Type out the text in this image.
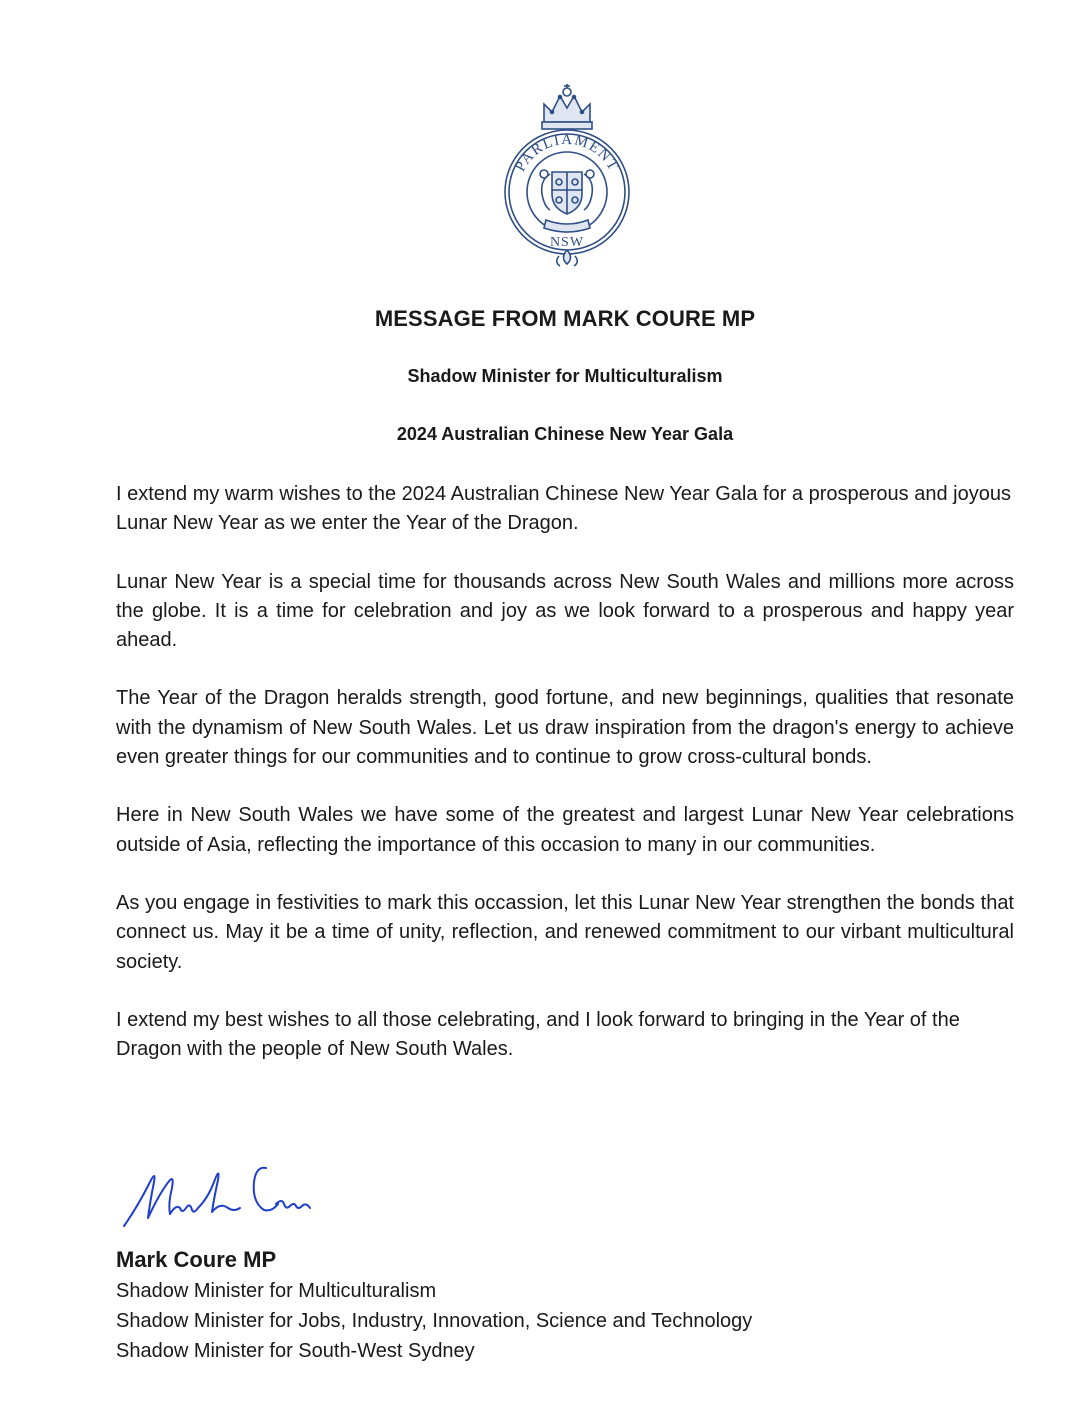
PARLIAMENT
NSW
MESSAGE FROM MARK COURE MP
Shadow Minister for Multiculturalism
2024 Australian Chinese New Year Gala

I extend my warm wishes to the 2024 Australian Chinese New Year Gala for a prosperous and joyous Lunar New Year as we enter the Year of the Dragon.

Lunar New Year is a special time for thousands across New South Wales and millions more across the globe. It is a time for celebration and joy as we look forward to a prosperous and happy year ahead.

The Year of the Dragon heralds strength, good fortune, and new beginnings, qualities that resonate with the dynamism of New South Wales. Let us draw inspiration from the dragon's energy to achieve even greater things for our communities and to continue to grow cross-cultural bonds.

Here in New South Wales we have some of the greatest and largest Lunar New Year celebrations outside of Asia, reflecting the importance of this occasion to many in our communities.

As you engage in festivities to mark this occassion, let this Lunar New Year strengthen the bonds that connect us. May it be a time of unity, reflection, and renewed commitment to our virbant multicultural society.

I extend my best wishes to all those celebrating, and I look forward to bringing in the Year of the Dragon with the people of New South Wales.

Mark Coure MP
Shadow Minister for Multiculturalism
Shadow Minister for Jobs, Industry, Innovation, Science and Technology
Shadow Minister for South-West Sydney
